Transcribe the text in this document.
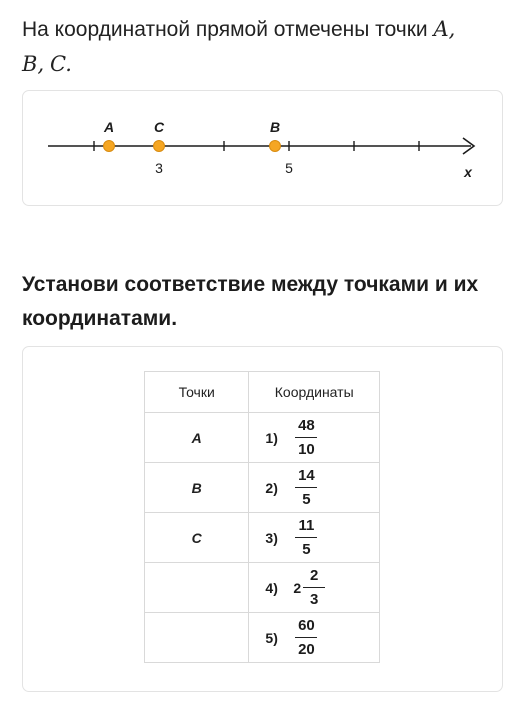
На координатной прямой отмечены точки A,
B, C.
A	C	B
3	5	x
Установи соответствие между точками и их координатами.
Точки	Координаты
A	$1) \frac{48}{10}$

B	$2) \frac{14}{5}$

C	$3) \frac{11}{5}$

	4) $2 \frac{2}{3}$

	$5) \frac{60}{20}$
